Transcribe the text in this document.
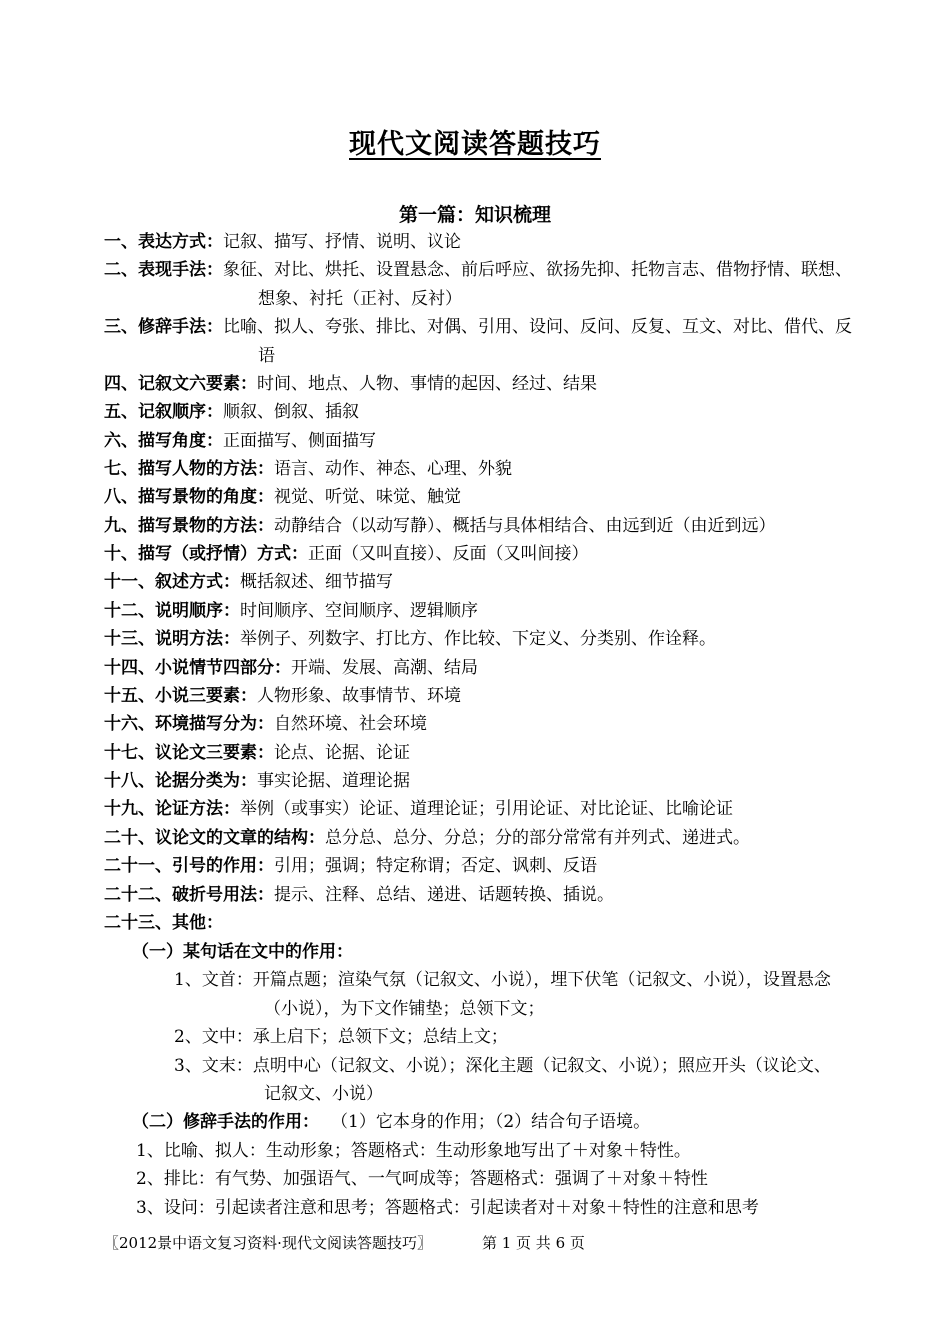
现代文阅读答题技巧
第一篇：知识梳理
一、表达方式：记叙、描写、抒情、说明、议论
二、表现手法：象征、对比、烘托、设置悬念、前后呼应、欲扬先抑、托物言志、借物抒情、联想、
想象、衬托（正衬、反衬）
三、修辞手法：比喻、拟人、夸张、排比、对偶、引用、设问、反问、反复、互文、对比、借代、反
语
四、记叙文六要素：时间、地点、人物、事情的起因、经过、结果
五、记叙顺序：顺叙、倒叙、插叙
六、描写角度：正面描写、侧面描写
七、描写人物的方法：语言、动作、神态、心理、外貌
八、描写景物的角度：视觉、听觉、味觉、触觉
九、描写景物的方法：动静结合（以动写静）、概括与具体相结合、由远到近（由近到远）
十、描写（或抒情）方式：正面（又叫直接）、反面（又叫间接）
十一、叙述方式：概括叙述、细节描写
十二、说明顺序：时间顺序、空间顺序、逻辑顺序
十三、说明方法：举例子、列数字、打比方、作比较、下定义、分类别、作诠释。
十四、小说情节四部分：开端、发展、高潮、结局
十五、小说三要素：人物形象、故事情节、环境
十六、环境描写分为：自然环境、社会环境
十七、议论文三要素：论点、论据、论证
十八、论据分类为：事实论据、道理论据
十九、论证方法：举例（或事实）论证、道理论证；引用论证、对比论证、比喻论证
二十、议论文的文章的结构：总分总、总分、分总；分的部分常常有并列式、递进式。
二十一、引号的作用：引用；强调；特定称谓；否定、讽刺、反语
二十二、破折号用法：提示、注释、总结、递进、话题转换、插说。
二十三、其他：
（一）某句话在文中的作用：
1、文首：开篇点题；渲染气氛（记叙文、小说），埋下伏笔（记叙文、小说），设置悬念
（小说），为下文作铺垫；总领下文；
2、文中：承上启下；总领下文；总结上文；
3、文末：点明中心（记叙文、小说）；深化主题（记叙文、小说）；照应开头（议论文、
记叙文、小说）
（二）修辞手法的作用： （1）它本身的作用；（2）结合句子语境。
1、比喻、拟人：生动形象；答题格式：生动形象地写出了＋对象＋特性。
2、排比：有气势、加强语气、一气呵成等；答题格式：强调了＋对象＋特性
3、设问：引起读者注意和思考；答题格式：引起读者对＋对象＋特性的注意和思考
〖2012景中语文复习资料·现代文阅读答题技巧〗	第 1 页 共 6 页
